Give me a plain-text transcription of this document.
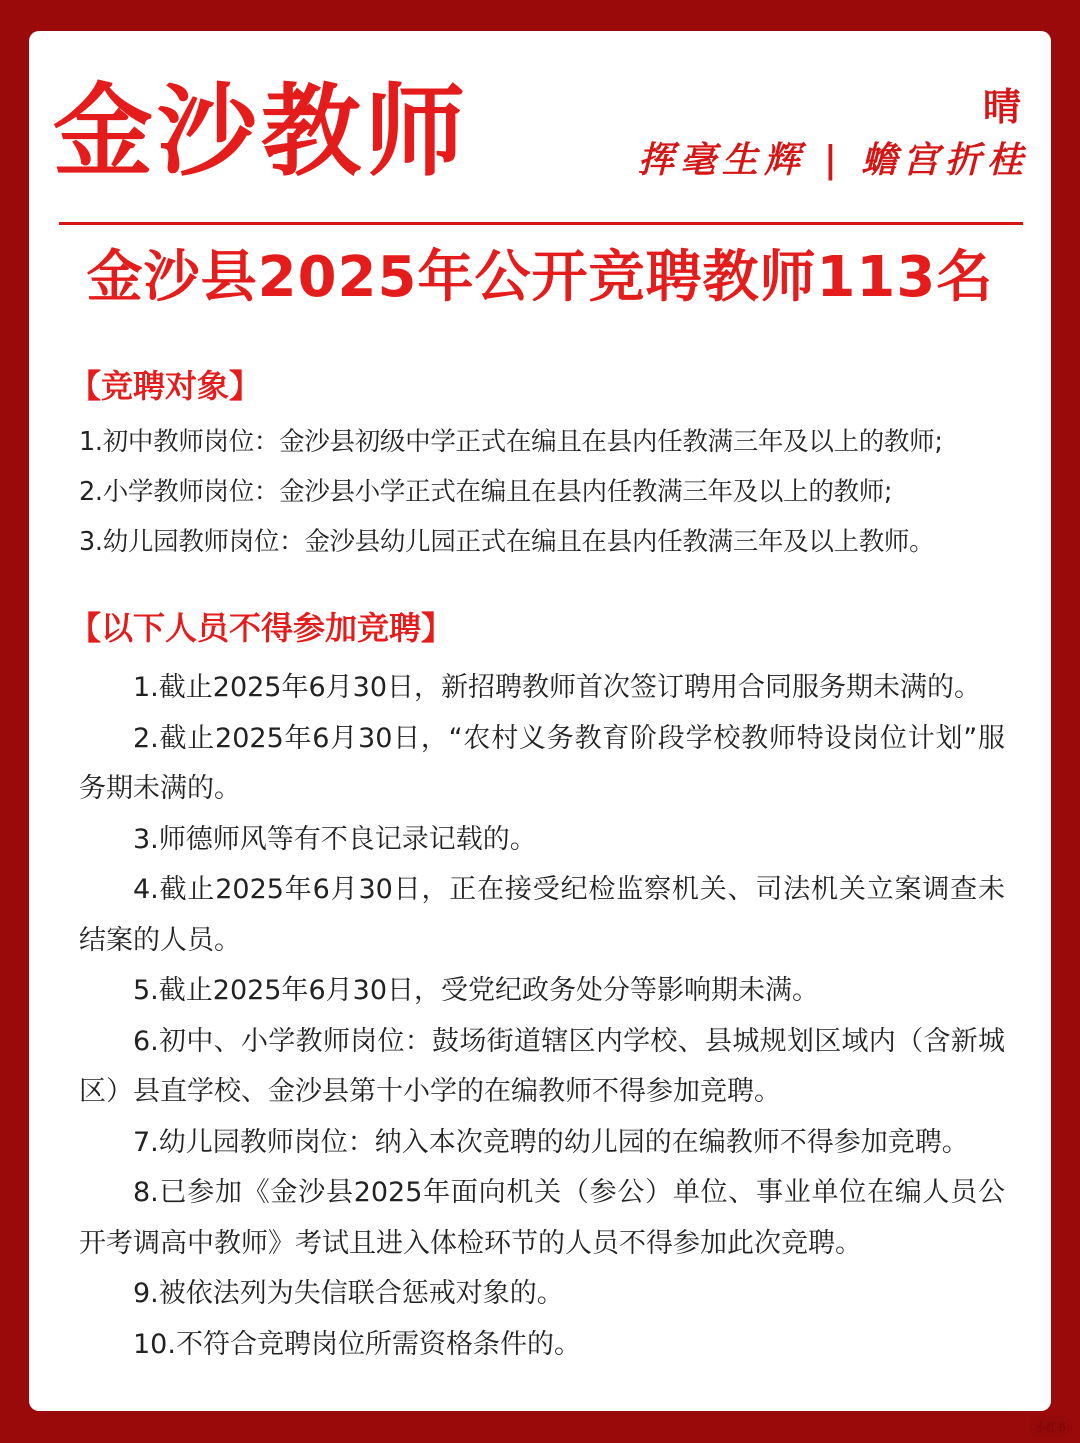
金沙教师	晴
挥毫生辉 | 蟾宫折桂
金沙县2025年公开竞聘教师113名
【竞聘对象】
1.初中教师岗位：金沙县初级中学正式在编且在县内任教满三年及以上的教师;
2.小学教师岗位：金沙县小学正式在编且在县内任教满三年及以上的教师;
3.幼儿园教师岗位：金沙县幼儿园正式在编且在县内任教满三年及以上教师。
【以下人员不得参加竞聘】
1.截止2025年6月30日，新招聘教师首次签订聘用合同服务期未满的。
2.截止2025年6月30日，“农村义务教育阶段学校教师特设岗位计划”服务期未满的。
3.师德师风等有不良记录记载的。
4.截止2025年6月30日，正在接受纪检监察机关、司法机关立案调查未结案的人员。
5.截止2025年6月30日，受党纪政务处分等影响期未满。
6.初中、小学教师岗位：鼓场街道辖区内学校、县城规划区域内（含新城区）县直学校、金沙县第十小学的在编教师不得参加竞聘。
7.幼儿园教师岗位：纳入本次竞聘的幼儿园的在编教师不得参加竞聘。
8.已参加《金沙县2025年面向机关（参公）单位、事业单位在编人员公开考调高中教师》考试且进入体检环节的人员不得参加此次竞聘。
9.被依法列为失信联合惩戒对象的。
10.不符合竞聘岗位所需资格条件的。
小红书
